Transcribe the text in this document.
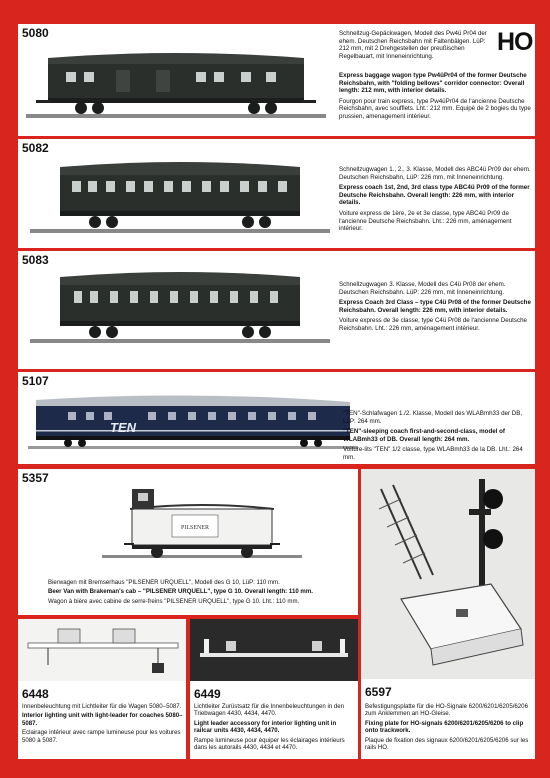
5080	HO

Schnellzug-Gepäckwagen, Modell des Pw4ü Pr04 der ehem. Deutschen Reichsbahn mit Faltenbälgen. LüP: 212 mm, mit 2 Drehgestellen der preußischen Regelbauart, mit Inneneinrichtung.

Express baggage wagon type Pw4üPr04 of the former Deutsche Reichsbahn, with "folding bellows" corridor connector: Overall length: 212 mm, with interior details.

Fourgon pour train express, type Pw4üPr04 de l'ancienne Deutsche Reichsbahn, avec soufflets. Lht.: 212 mm. Equipé de 2 bogies du type prussien, amenagement intérieur.

5082

Schnellzugwagen 1., 2., 3. Klasse, Modell des ABC4ü Pr09 der ehem. Deutschen Reichsbahn, LüP: 226 mm, mit Inneneinrichtung.

Express coach 1st, 2nd, 3rd class type ABC4ü Pr09 of the former Deutsche Reichsbahn. Overall length: 226 mm, with interior details.

Voiture express de 1ère, 2e et 3e classe, type ABC4ü Pr09 de l'ancienne Deutsche Reichsbahn. Lht.: 226 mm, aménagement intérieur.

5083

Schnellzugwagen 3. Klasse, Modell des C4ü Pr08 der ehem. Deutschen Reichsbahn. LüP: 226 mm, mit Inneneinrichtung.

Express Coach 3rd Class – type C4ü Pr08 of the former Deutsche Reichsbahn. Overall length: 226 mm, with interior details.

Voiture express de 3e classe, type C4ü Pr08 de l'ancienne Deutsche Reichsbahn. Lht.: 226 mm, aménagement intérieur.

5107
TEN

"TEN"-Schlafwagen 1./2. Klasse, Modell des WLABmh33 der DB, LüP: 264 mm.

"TEN"-sleeping coach first-and-second-class, model of WLABmh33 of DB. Overall length: 264 mm.

Voiture-lits "TEN" 1/2 classe, type WLABmh33 de la DB. Lht.: 264 mm.

5357
PILSENER

Bierwagen mit Bremserhaus "PILSENER URQUELL", Modell des G 10, LüP: 110 mm.

Beer Van with Brakeman's cab – "PILSENER URQUELL", type G 10. Overall length: 110 mm.

Wagon à bière avec cabine de serre-freins "PILSENER URQUELL", type G 10. Lht.: 110 mm.

6597

Befestigungsplatte für die HO-Signale 6200/6201/6205/6206 zum Anklemmen an HO-Gleise.

Fixing plate for HO-signals 6200/6201/6205/6206 to clip onto trackwork.

Plaque de fixation des signaux 6200/6201/6205/6206 sur les rails HO.

6448

Innenbeleuchtung mit Lichtleiter für die Wagen 5080–5087.

Interior lighting unit with light-leader for coaches 5080–5087.

Eclairage intérieur avec rampe lumineuse pour les voitures 5080 à 5087.

6449

Lichtleiter Zurüstsatz für die Innenbeleuchtungen in den Triebwagen 4430, 4434, 4470.

Light leader accessory for interior lighting unit in railcar units 4430, 4434, 4470.

Rampe lumineuse pour équiper les éclairages intérieurs dans les autorails 4430, 4434 et 4470.
